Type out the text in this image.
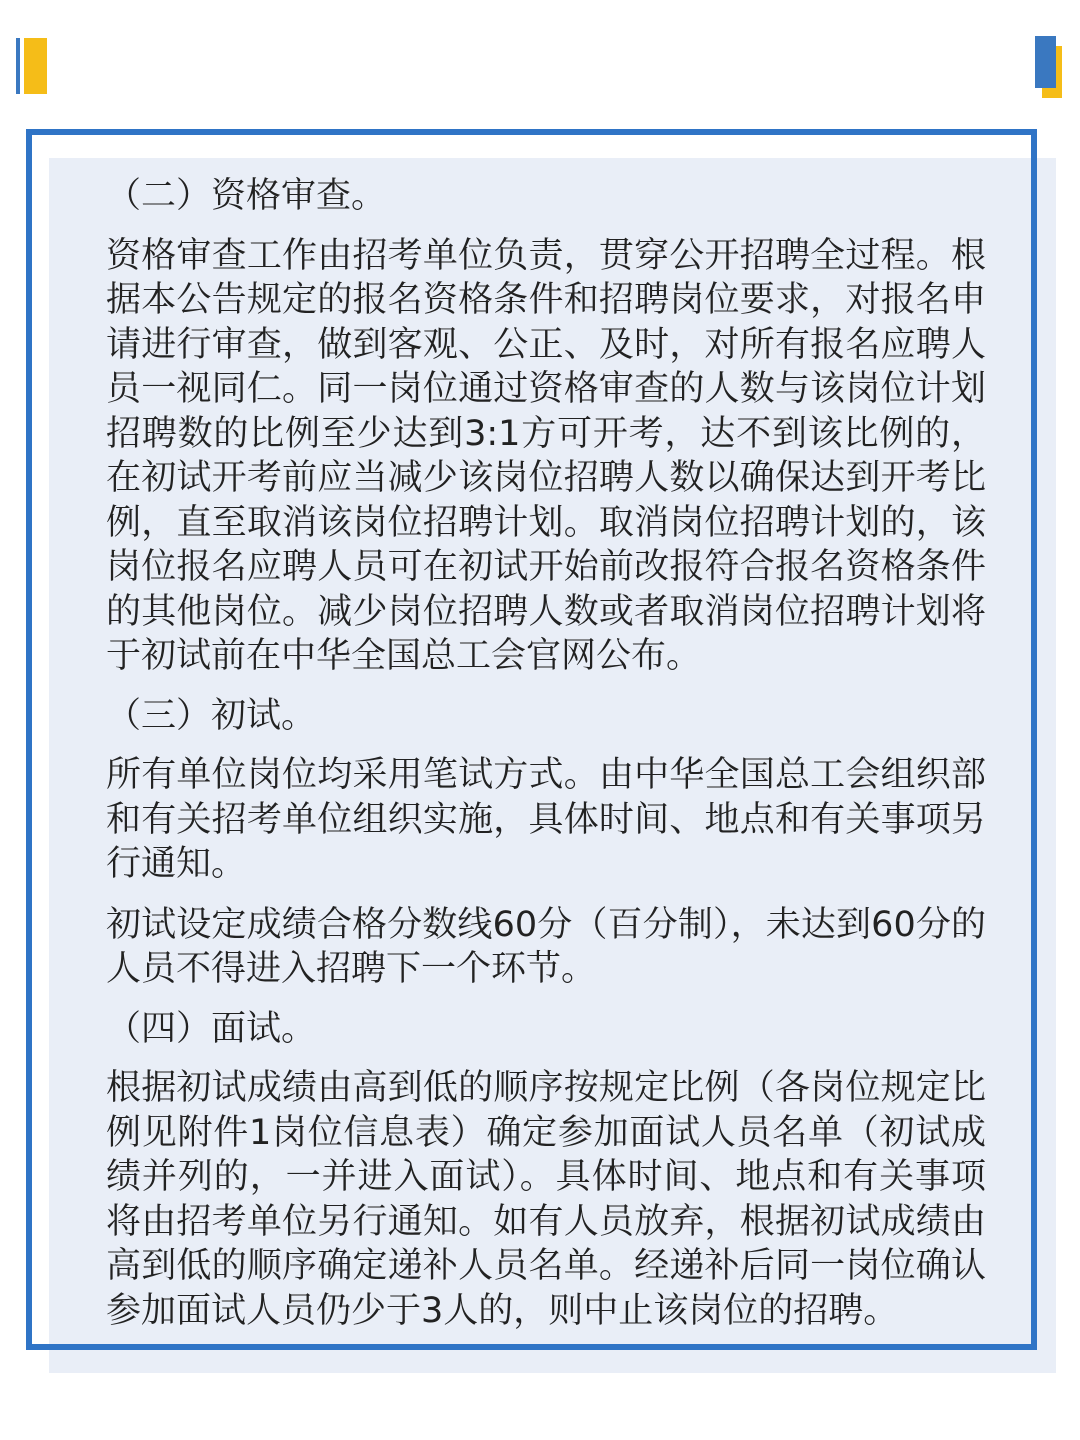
（二）资格审查。

资格审查工作由招考单位负责，贯穿公开招聘全过程。根据本公告规定的报名资格条件和招聘岗位要求，对报名申请进行审查，做到客观、公正、及时，对所有报名应聘人员一视同仁。同一岗位通过资格审查的人数与该岗位计划招聘数的比例至少达到3:1方可开考，达不到该比例的，在初试开考前应当减少该岗位招聘人数以确保达到开考比例，直至取消该岗位招聘计划。取消岗位招聘计划的，该岗位报名应聘人员可在初试开始前改报符合报名资格条件的其他岗位。减少岗位招聘人数或者取消岗位招聘计划将于初试前在中华全国总工会官网公布。

（三）初试。

所有单位岗位均采用笔试方式。由中华全国总工会组织部和有关招考单位组织实施，具体时间、地点和有关事项另行通知。

初试设定成绩合格分数线60分（百分制），未达到60分的人员不得进入招聘下一个环节。

（四）面试。

根据初试成绩由高到低的顺序按规定比例（各岗位规定比例见附件1岗位信息表）确定参加面试人员名单（初试成绩并列的，一并进入面试）。具体时间、地点和有关事项将由招考单位另行通知。如有人员放弃，根据初试成绩由高到低的顺序确定递补人员名单。经递补后同一岗位确认参加面试人员仍少于3人的，则中止该岗位的招聘。
